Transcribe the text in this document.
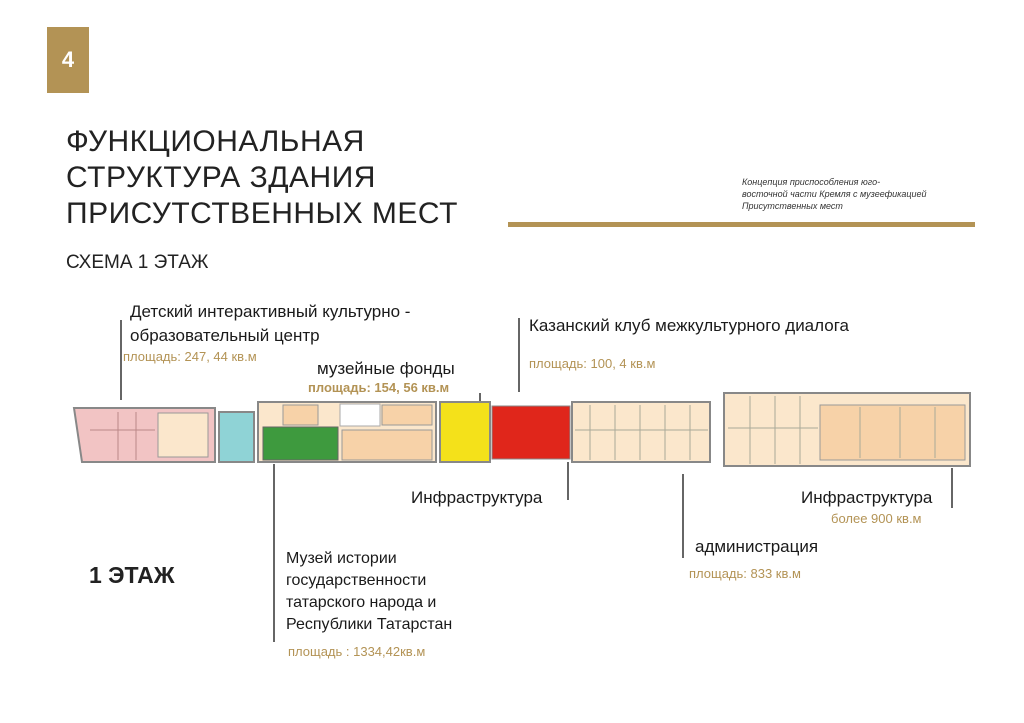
4
ФУНКЦИОНАЛЬНАЯ
СТРУКТУРА ЗДАНИЯ
ПРИСУТСТВЕННЫХ МЕСТ
Концепция приспособления юго-
восточной части Кремля с музеефикацией
Присутственных мест
СХЕМА 1 ЭТАЖ
Детский интерактивный культурно -
образовательный центр
площадь: 247, 44 кв.м
музейные фонды
площадь: 154, 56 кв.м
Казанский клуб межкультурного диалога
площадь: 100, 4 кв.м
Инфраструктура	Инфраструктура
более 900 кв.м
администрация
площадь: 833 кв.м
1 ЭТАЖ
Музей истории
государственности
татарского народа и
Республики Татарстан
площадь : 1334,42кв.м
